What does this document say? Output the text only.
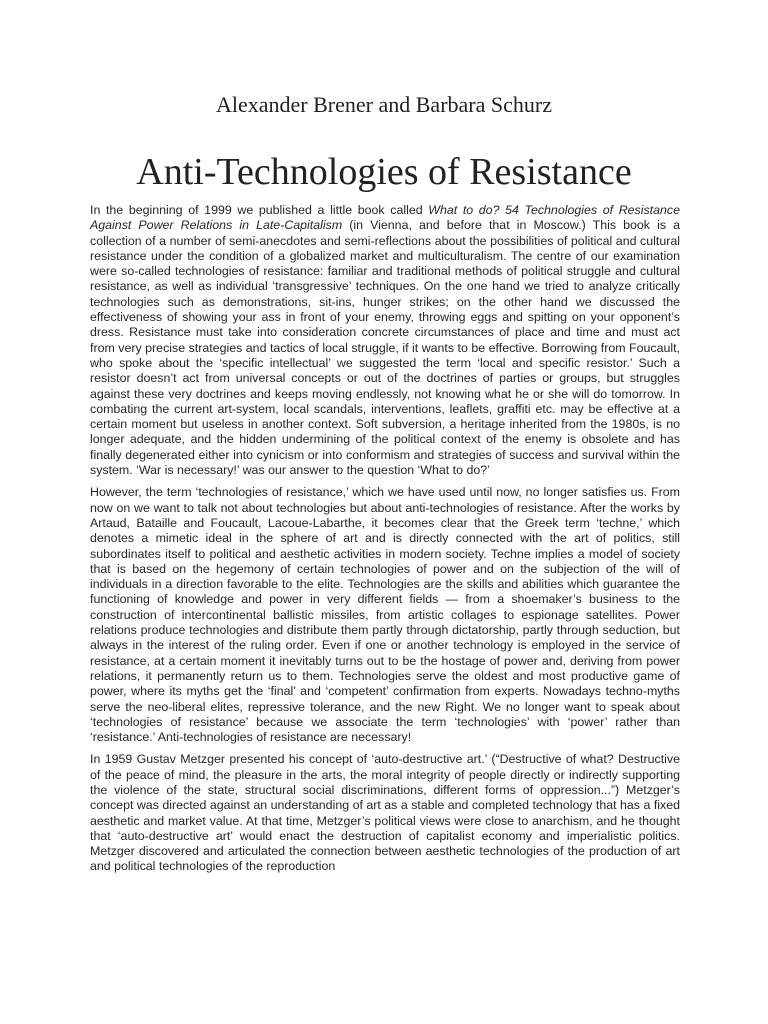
Alexander Brener and Barbara Schurz
Anti-Technologies of Resistance

In the beginning of 1999 we published a little book called What to do? 54 Technologies of Resistance Against Power Relations in Late-Capitalism (in Vienna, and before that in Moscow.) This book is a collection of a number of semi-anecdotes and semi-reflections about the possibilities of political and cultural resistance under the condition of a globalized market and multiculturalism. The centre of our examination were so-called technologies of resistance: familiar and traditional methods of political struggle and cultural resistance, as well as individual ‘transgressive’ techniques. On the one hand we tried to analyze critically technologies such as demonstrations, sit-ins, hunger strikes; on the other hand we discussed the effectiveness of showing your ass in front of your enemy, throwing eggs and spitting on your opponent’s dress. Resistance must take into consideration concrete circumstances of place and time and must act from very precise strategies and tactics of local struggle, if it wants to be effective. Borrowing from Foucault, who spoke about the ‘specific intellectual’ we suggested the term ‘local and specific resistor.’ Such a resistor doesn’t act from universal concepts or out of the doctrines of parties or groups, but struggles against these very doctrines and keeps moving endlessly, not knowing what he or she will do tomorrow. In combating the current art-system, local scandals, interventions, leaflets, graffiti etc. may be effective at a certain moment but useless in another context. Soft subversion, a heritage inherited from the 1980s, is no longer adequate, and the hidden undermining of the political context of the enemy is obsolete and has finally degenerated either into cynicism or into conformism and strategies of success and survival within the system. ‘War is necessary!’ was our answer to the question ‘What to do?’

However, the term ‘technologies of resistance,’ which we have used until now, no longer satisfies us. From now on we want to talk not about technologies but about anti-technologies of resistance. After the works by Artaud, Bataille and Foucault, Lacoue-Labarthe, it becomes clear that the Greek term ‘techne,’ which denotes a mimetic ideal in the sphere of art and is directly connected with the art of politics, still subordinates itself to political and aesthetic activities in modern society. Techne implies a model of society that is based on the hegemony of certain technologies of power and on the subjection of the will of individuals in a direction favorable to the elite. Technologies are the skills and abilities which guarantee the functioning of knowledge and power in very different fields — from a shoemaker’s business to the construction of intercontinental ballistic missiles, from artistic collages to espionage satellites. Power relations produce technologies and distribute them partly through dictatorship, partly through seduction, but always in the interest of the ruling order. Even if one or another technology is employed in the service of resistance, at a certain moment it inevitably turns out to be the hostage of power and, deriving from power relations, it permanently return us to them. Technologies serve the oldest and most productive game of power, where its myths get the ‘final’ and ‘competent’ confirmation from experts. Nowadays techno-myths serve the neo-liberal elites, repressive tolerance, and the new Right. We no longer want to speak about ‘technologies of resistance’ because we associate the term ‘technologies’ with ‘power’ rather than ‘resistance.’ Anti-technologies of resistance are necessary!

In 1959 Gustav Metzger presented his concept of ‘auto-destructive art.’ (“Destructive of what? Destructive of the peace of mind, the pleasure in the arts, the moral integrity of people directly or indirectly supporting the violence of the state, structural social discriminations, different forms of oppression...”) Metzger’s concept was directed against an understanding of art as a stable and completed technology that has a fixed aesthetic and market value. At that time, Metzger’s political views were close to anarchism, and he thought that ‘auto-destructive art’ would enact the destruction of capitalist economy and imperialistic politics. Metzger discovered and articulated the connection between aesthetic technologies of the production of art and political technologies of the reproduction
